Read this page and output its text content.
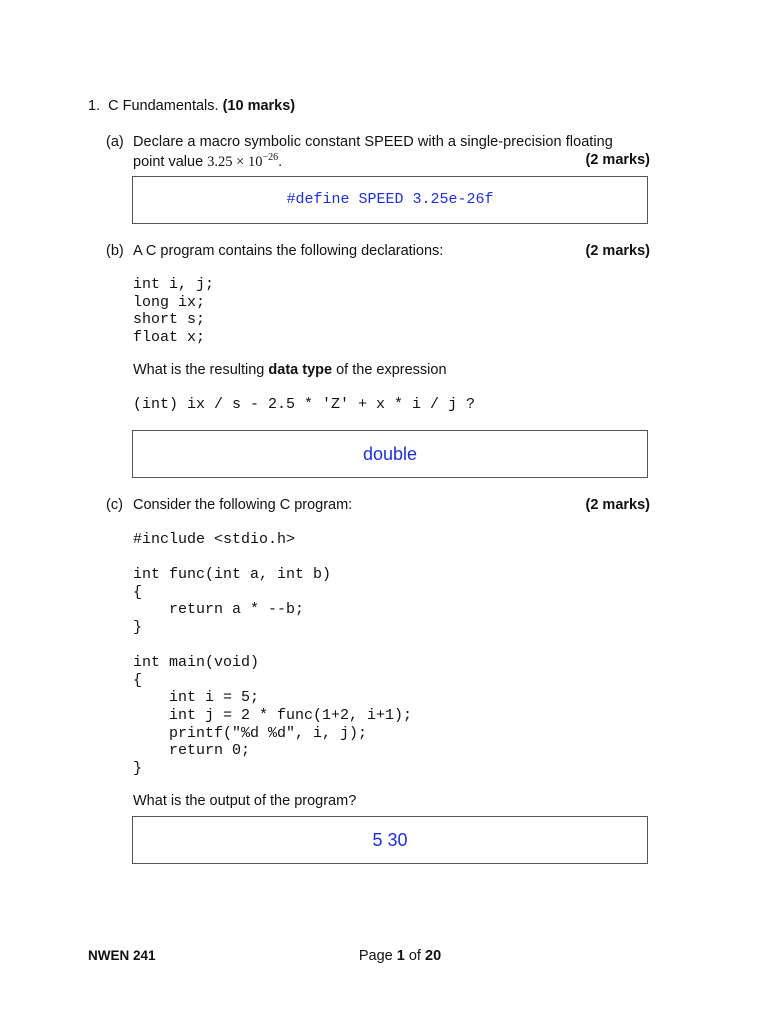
1. C Fundamentals. (10 marks)
(a) Declare a macro symbolic constant SPEED with a single-precision floating
point value $3.25 \times 10^{-26}$.	(2 marks)
#define SPEED 3.25e-26f
(b) A C program contains the following declarations:	(2 marks)
int i, j;
long ix;
short s;
float x;
What is the resulting data type of the expression
(int) ix / s - 2.5 * 'Z' + x * i / j ?
double
(c) Consider the following C program:	(2 marks)
#include <stdio.h>

int func(int a, int b)
{
return a * --b;
}

int main(void)
{
int i = 5;
int j = 2 * func(1+2, i+1);
printf("%d %d", i, j);
return 0;
}
What is the output of the program?
5 30
NWEN 241	Page 1 of 20
